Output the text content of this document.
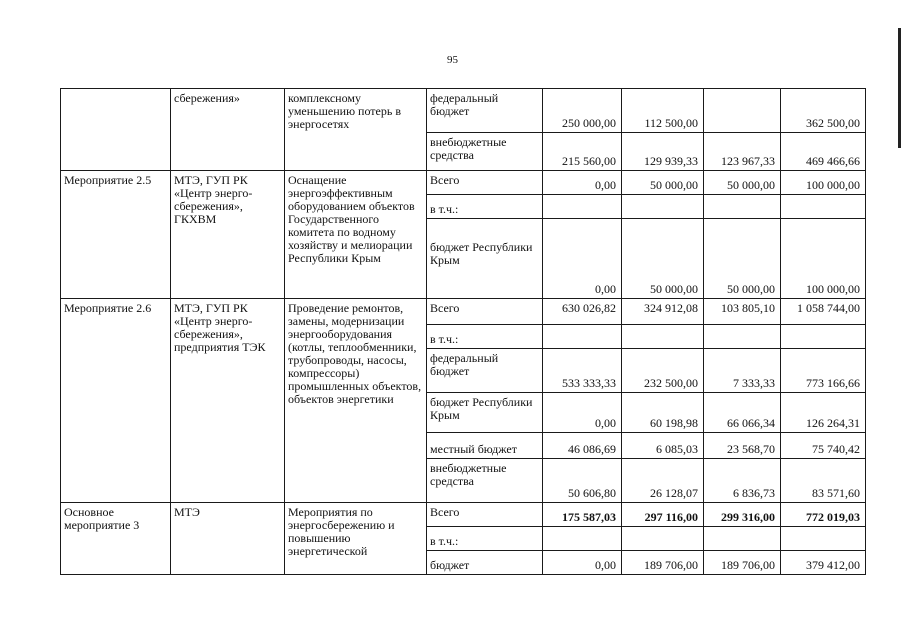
95
	сбережения»	комплексному уменьшению потерь в энергосетях	федеральный бюджет	250 000,00	112 500,00		362 500,00
			внебюджетные средства	215 560,00	129 939,33	123 967,33	469 466,66
Мероприятие 2.5	МТЭ, ГУП РК «Центр энерго-сбережения», ГКХВМ	Оснащение энергоэффективным оборудованием объектов Государственного комитета по водному хозяйству и мелиорации Республики Крым	Всего	0,00	50 000,00	50 000,00	100 000,00
			в т.ч.:				
			бюджет Республики Крым	0,00	50 000,00	50 000,00	100 000,00
Мероприятие 2.6	МТЭ, ГУП РК «Центр энерго-сбережения», предприятия ТЭК	Проведение ремонтов, замены, модернизации энергооборудования (котлы, теплообменники, трубопроводы, насосы, компрессоры) промышленных объектов, объектов энергетики	Всего	630 026,82	324 912,08	103 805,10	1 058 744,00
			в т.ч.:				
			федеральный бюджет	533 333,33	232 500,00	7 333,33	773 166,66
			бюджет Республики Крым	0,00	60 198,98	66 066,34	126 264,31
			местный бюджет	46 086,69	6 085,03	23 568,70	75 740,42
			внебюджетные средства	50 606,80	26 128,07	6 836,73	83 571,60
Основное мероприятие 3	МТЭ	Мероприятия по энергосбережению и повышению энергетической	Всего	175 587,03	297 116,00	299 316,00	772 019,03
			в т.ч.:				
			бюджет	0,00	189 706,00	189 706,00	379 412,00
